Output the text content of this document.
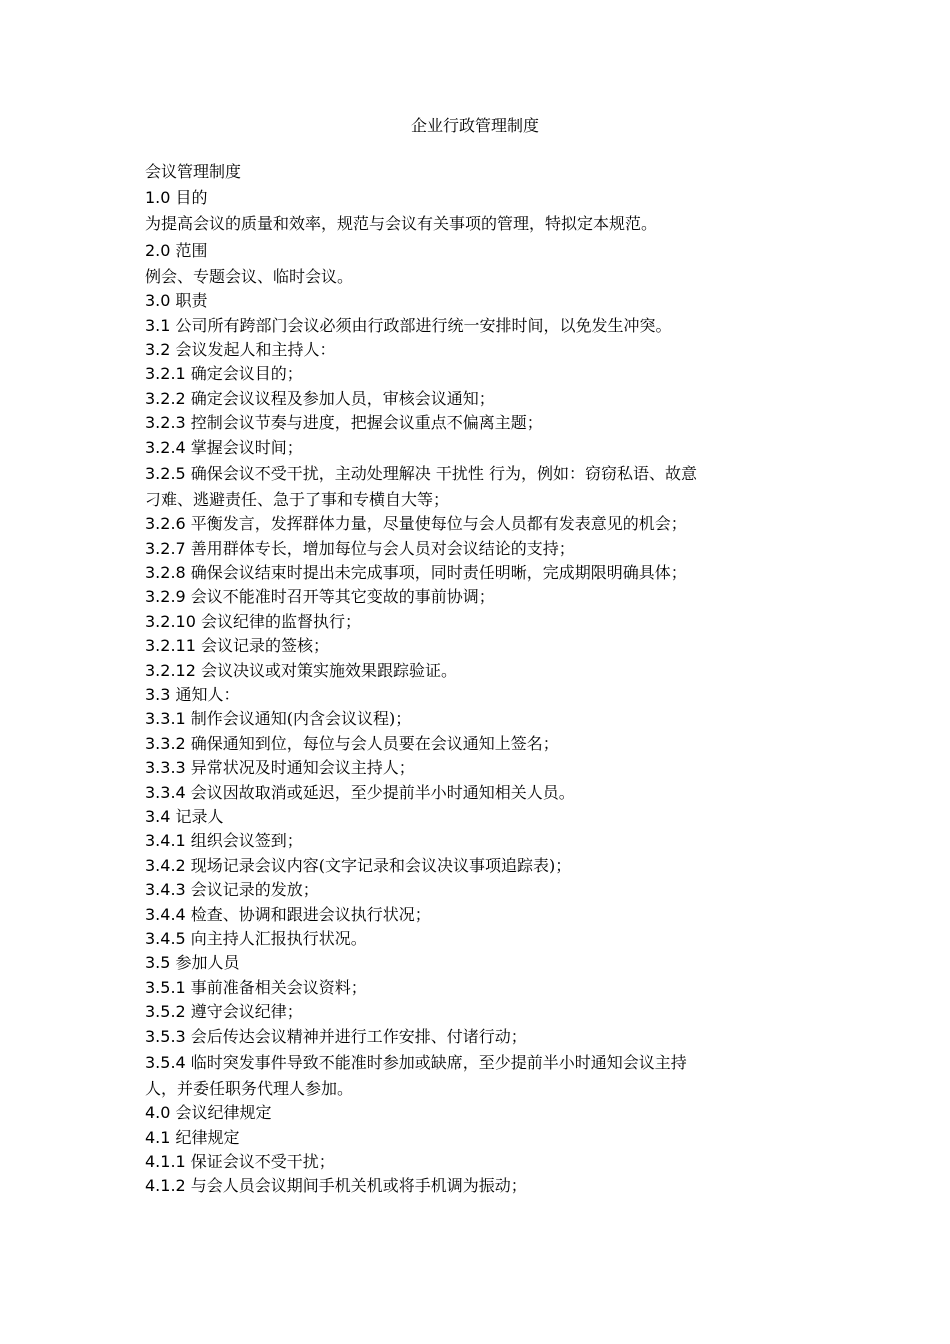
企业行政管理制度
会议管理制度
1.0 目的
为提高会议的质量和效率，规范与会议有关事项的管理，特拟定本规范。
2.0 范围
例会、专题会议、临时会议。
3.0 职责
3.1 公司所有跨部门会议必须由行政部进行统一安排时间，以免发生冲突。
3.2 会议发起人和主持人：
3.2.1 确定会议目的；
3.2.2 确定会议议程及参加人员，审核会议通知；
3.2.3 控制会议节奏与进度，把握会议重点不偏离主题；
3.2.4 掌握会议时间；
3.2.5 确保会议不受干扰，主动处理解决 干扰性 行为，例如：窃窃私语、故意
刁难、逃避责任、急于了事和专横自大等；
3.2.6 平衡发言，发挥群体力量，尽量使每位与会人员都有发表意见的机会；
3.2.7 善用群体专长，增加每位与会人员对会议结论的支持；
3.2.8 确保会议结束时提出未完成事项，同时责任明晰，完成期限明确具体；
3.2.9 会议不能准时召开等其它变故的事前协调；
3.2.10 会议纪律的监督执行；
3.2.11 会议记录的签核；
3.2.12 会议决议或对策实施效果跟踪验证。
3.3 通知人：
3.3.1 制作会议通知(内含会议议程)；
3.3.2 确保通知到位，每位与会人员要在会议通知上签名；
3.3.3 异常状况及时通知会议主持人；
3.3.4 会议因故取消或延迟，至少提前半小时通知相关人员。
3.4 记录人
3.4.1 组织会议签到；
3.4.2 现场记录会议内容(文字记录和会议决议事项追踪表)；
3.4.3 会议记录的发放；
3.4.4 检查、协调和跟进会议执行状况；
3.4.5 向主持人汇报执行状况。
3.5 参加人员
3.5.1 事前准备相关会议资料；
3.5.2 遵守会议纪律；
3.5.3 会后传达会议精神并进行工作安排、付诸行动；
3.5.4 临时突发事件导致不能准时参加或缺席，至少提前半小时通知会议主持
人，并委任职务代理人参加。
4.0 会议纪律规定
4.1 纪律规定
4.1.1 保证会议不受干扰；
4.1.2 与会人员会议期间手机关机或将手机调为振动；
